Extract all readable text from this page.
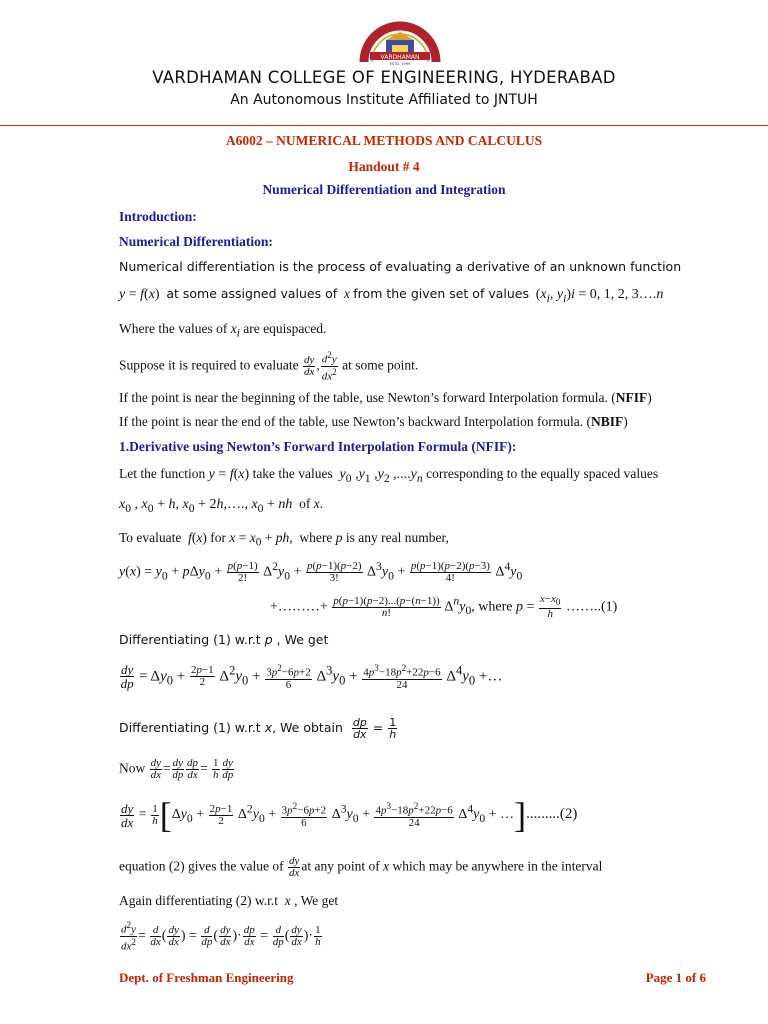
VARDHAMAN
ESTD. 1999
VARDHAMAN COLLEGE OF ENGINEERING, HYDERABAD
An Autonomous Institute Affiliated to JNTUH
A6002 – NUMERICAL METHODS AND CALCULUS
Handout # 4
Numerical Differentiation and Integration
Introduction:
Numerical Differentiation:
Numerical differentiation is the process of evaluating a derivative of an unknown function
y = f(x) at some assigned values of x from the given set of values ($x_i$, $y_i)i = 0$, 1, 2, 3….n
Where the values of $x_i$ are equispaced.
Suppose it is required to evaluate $\frac{dy}{dx}$ , $\frac{d^2y}{dx^2}$ at some point.
If the point is near the beginning of the table, use Newton’s forward Interpolation formula. (NFIF)
If the point is near the end of the table, use Newton’s backward Interpolation formula. (NBIF)
1.Derivative using Newton’s Forward Interpolation Formula (NFIF):
Let the function y = f(x) take the values $y_0$ $,y_1$ $,y_2$ $,....y_n$ corresponding to the equally spaced values
$x_0$ , $x_0 + h$, $x_0$ + 2h,…., $x_0$ + nh of x.
To evaluate f(x) for $x = x_0$ + ph,  where p is any real number,
$y(x) = y_0 + p\Delta y_0 + \frac{p(p-1)}{2!} \Delta^2y_0 + \frac{p(p-1)(p-2)}{3!} \Delta^3y_0 + \frac{p(p-1)(p-2)(p-3)}{4!} \Delta^4y_0$
+………+ $\frac{p(p-1)(p-2)...(p-(n-1))}{n!} \Delta^ny_0$, where $p = \frac{x-x_0}{h}$ ……..(1)
Differentiating (1) w.r.t p , We get
$\frac{dy}{dp} = \Delta y_0 + \frac{2p-1}{2} \Delta^2y_0 + \frac{3p^2-6p+2}{6} \Delta^3y_0 + \frac{4p^3-18p^2+22p-6}{24} \Delta^4y_0$ +…
Differentiating (1) w.r.t x, We obtain $\frac{dp}{dx} = \frac{1}{h}$
Now $\frac{dy}{dx} = \frac{dy}{dp} \frac{dp}{dx} = \frac{1}{h} \frac{dy}{dp}$
$\frac{dy}{dx} = \frac{1}{h} [\Delta y_0 + \frac{2p-1}{2} \Delta^2y_0 + \frac{3p^2-6p+2}{6} \Delta^3y_0 + \frac{4p^3-18p^2+22p-6}{24} \Delta^4y_0$ + …].........(2)
equation (2) gives the value of $\frac{dy}{dx}$ at any point of x which may be anywhere in the interval
Again differentiating (2) w.r.t x , We get
$\frac{d^2y}{dx^2} = \frac{d}{dx}$ ( $\frac{dy}{dx}$ ) = $\frac{d}{dp}$ ( $\frac{dy}{dx}$ )· $\frac{dp}{dx} = \frac{d}{dp}$ ( $\frac{dy}{dx}$ )· $\frac{1}{h}$
Dept. of Freshman Engineering	Page 1 of 6
